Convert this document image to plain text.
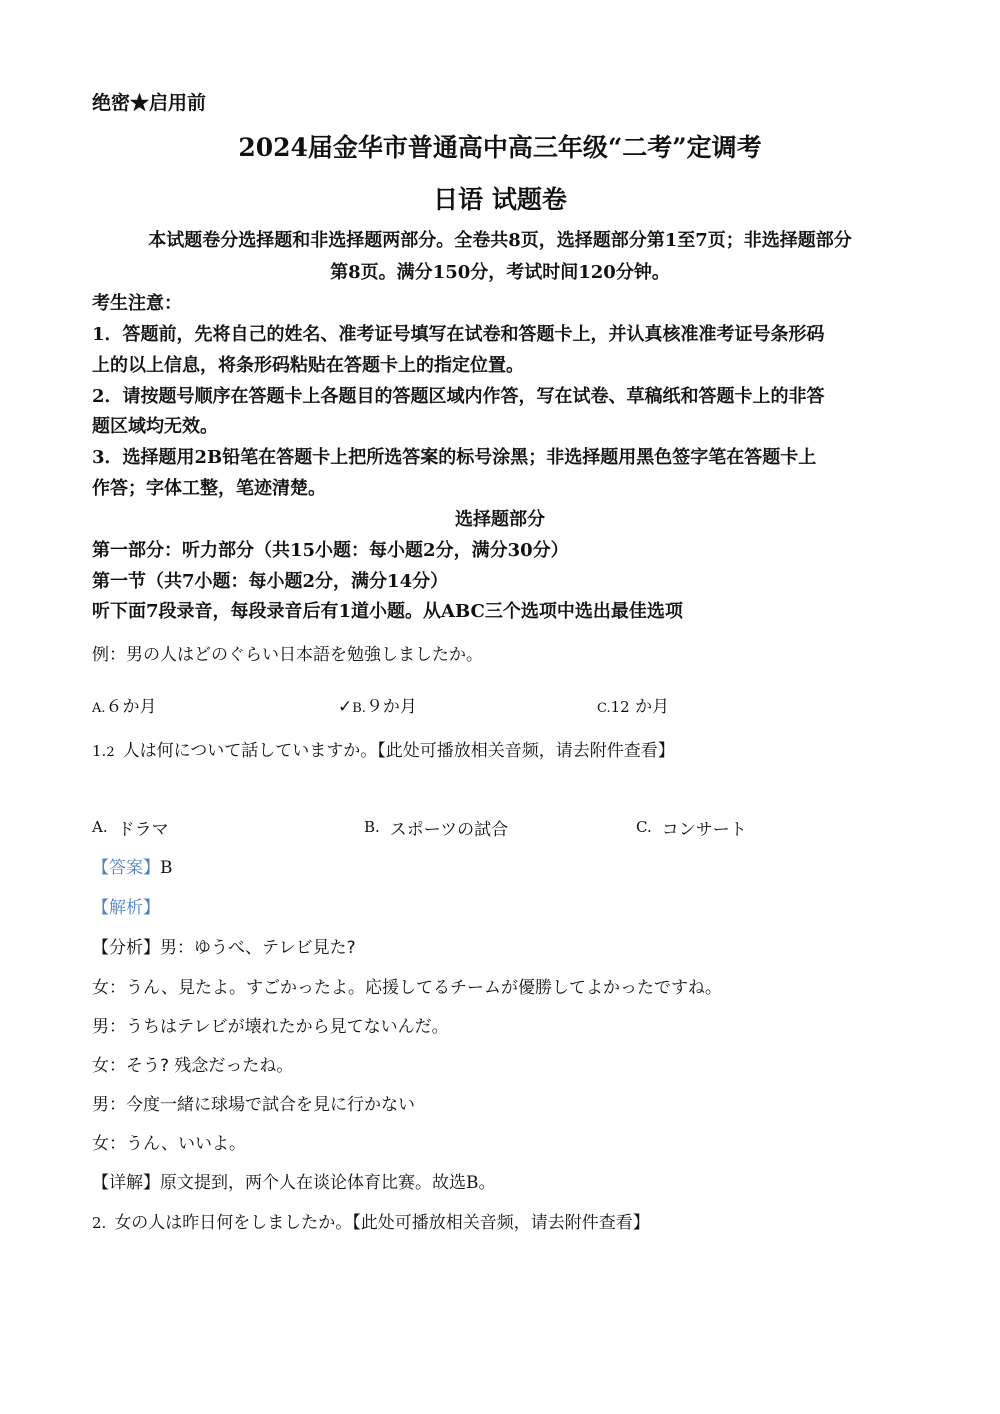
绝密★启用前
2024届金华市普通高中高三年级“二考”定调考
日语 试题卷
本试题卷分选择题和非选择题两部分。全卷共8页，选择题部分第1至7页；非选择题部分
第8页。满分150分，考试时间120分钟。
考生注意：
1．答题前，先将自己的姓名、准考证号填写在试卷和答题卡上，并认真核准准考证号条形码
上的以上信息，将条形码粘贴在答题卡上的指定位置。
2．请按题号顺序在答题卡上各题目的答题区域内作答，写在试卷、草稿纸和答题卡上的非答
题区域均无效。
3．选择题用2B铅笔在答题卡上把所选答案的标号涂黑；非选择题用黑色签字笔在答题卡上
作答；字体工整，笔迹清楚。
选择题部分
第一部分：听力部分（共15小题：每小题2分，满分30分）
第一节（共7小题：每小题2分，满分14分）
听下面7段录音，每段录音后有1道小题。从ABC三个选项中选出最佳选项
例：男の人はどのぐらい日本語を勉強しましたか。
A.６か月	✓B.９か月	C.12 か月
1.2 人は何について話していますか。【此处可播放相关音频，请去附件查看】
A. ドラマ	B. スポーツの試合	C. コンサート
【答案】B
【解析】
【分析】男：ゆうべ、テレビ見た?
女：うん、見たよ。すごかったよ。応援してるチームが優勝してよかったですね。
男：うちはテレビが壊れたから見てないんだ。
女：そう? 残念だったね。
男：今度一緒に球場で試合を見に行かない
女：うん、いいよ。
【详解】原文提到，两个人在谈论体育比赛。故选B。
2. 女の人は昨日何をしましたか。【此处可播放相关音频，请去附件查看】
